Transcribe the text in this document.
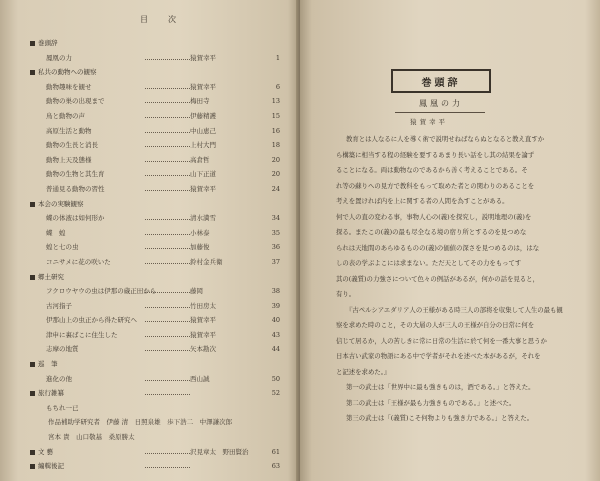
目　次
巻頭辞
鳳凰の力	猿賀幸平	1
私共の動物への観察
動物趣味を観せ	猿賀幸平	6
動物の巣の出現まで	梅田寺	13
鳥と動物の声	伊藤精護	15
高原生活と動物	中山恵己	16
動物の生長と消長	上村大門	18
動物上天及態様	高倉哲	20
動物の生物と其生育	山下正道	20
普通見る動物の習性	猿賀幸平	24
本会の実験観察
蝶の体液は如何形か	清水満雪	34
蝶　蝗	小林泰	35
蝗と七の虫	加藤俊	36
コニサメに花の咲いた	鈴村金兵衛	37
郷土研究
フクロウヤウの虫は伊那の蔵正田から	藤岡	38
古河指子	竹田房太	39
伊那山上の虫正から得た研究へ	猿賀幸平	40
津申に裏ばこに住生した	猿賀幸平	43
志摩の地質	矢本勘次	44
巡　筆
進化の他	西山誠	50
旅行雑纂	52
もちれ一已
作品補助学研究者　伊藤 清　日照泉雄　歩下浩二　中澤謙次郎
宮本 貴　山口敬基　桑原勝太
文 藝	沢見章太　野田賢治	61
編輯後記	63
巻頭辞
鳳凰の力
猿賀幸平
教育とは人なるに人を導く術で説明せねばならぬとなると教え直すか
ら構築に相当する程の経験を要するあまり長い話をし其の結果を論ず
ることになる。両は動物なのであるから善く考えることである。そ
れ等の蘇りへの見方で教科をもって取めた者との関わりのあることを
考えを置ければ内を上に関する者の人間を為すことがある。
何で人の直の変わる事，事物人心の(義)を探究し，説明地理の(義)を
探る。またこの(義)の最も尽全なる境の宿り所とするのを見つめな
られは天地間のあらゆるものの(義)の価値の深さを見つめるのは，はな
しの表の学ぶよこには求まない。ただ天としてその力をもってす
其の(義質)の力強さについて色々の例話があるが，何かの話を見ると，
有り。
『古ペルシアエダリア人の王様がある時三人の部将を収集して人生の最も観
察を求めた時のこと，その大層の人が三人の王様が自分の日常に何を
信じて居るか，人の苦しきに常に日常の生活に於て何を一番大事と思うか
日本古い武家の物語にある中で学者がそれを述べた本があるが，それを
と記述を求めた。』
第一の武士は「世界中に最も強きものは，酒である。」と答えた。
第二の武士は「王様が最も力強きものである。」と述べた。
第三の武士は「(義質)こそ何物よりも強き力である。」と答えた。
